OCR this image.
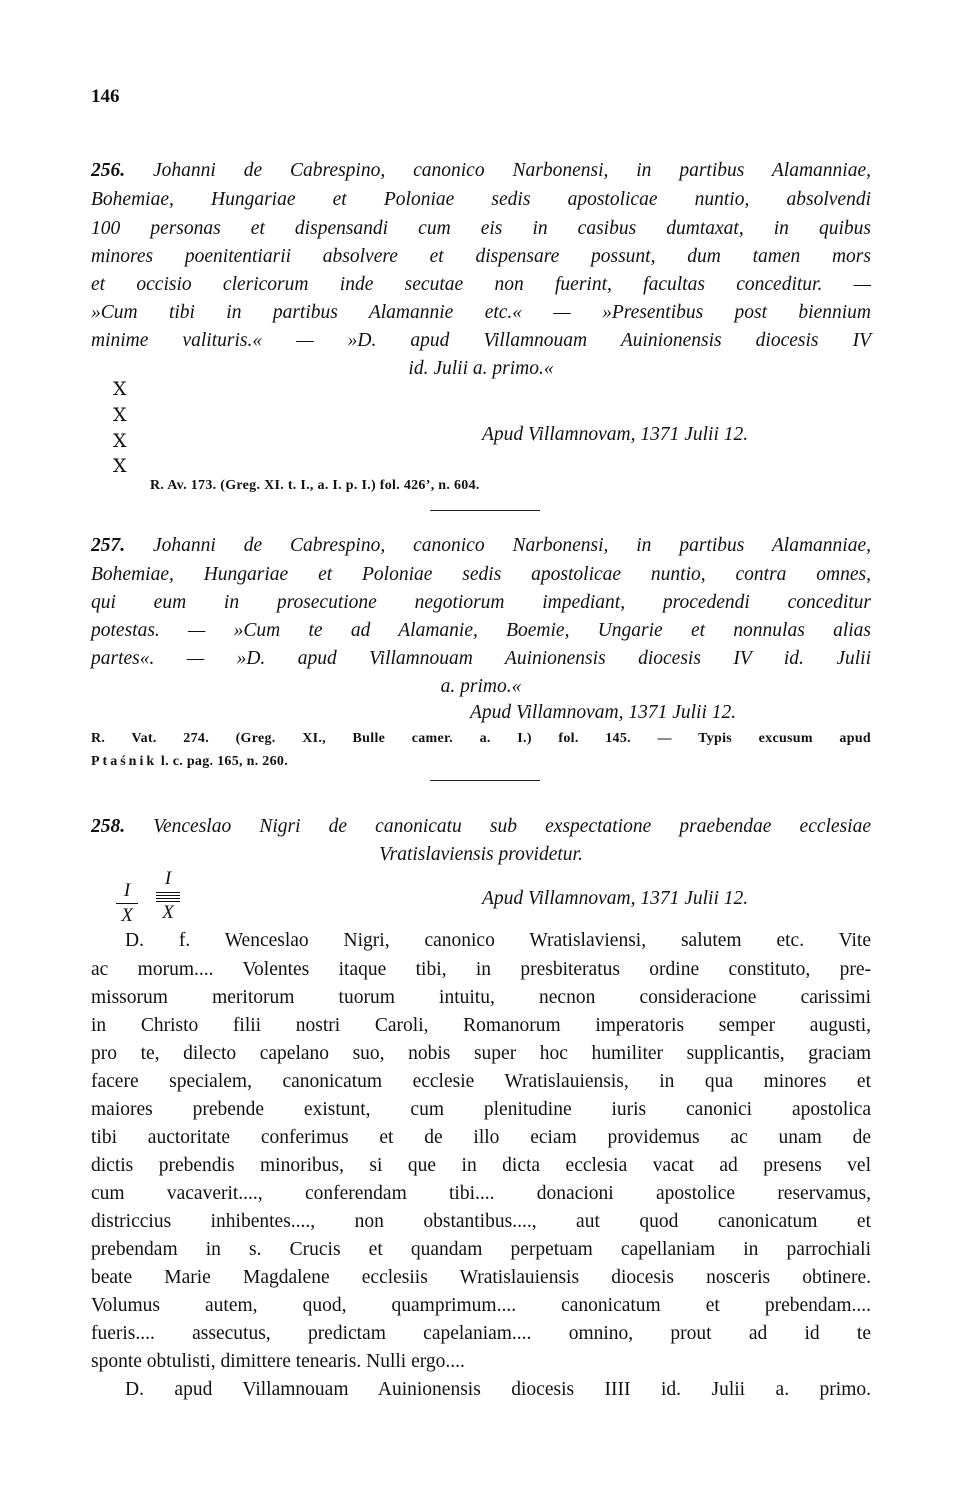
146
256. Johanni de Cabrespino, canonico Narbonensi, in partibus Alamanniae,
Bohemiae, Hungariae et Poloniae sedis apostolicae nuntio, absolvendi
100 personas et dispensandi cum eis in casibus dumtaxat, in quibus
minores poenitentiarii absolvere et dispensare possunt, dum tamen mors
et occisio clericorum inde secutae non fuerint, facultas conceditur. —
»Cum tibi in partibus Alamannie etc.« — »Presentibus post biennium
minime valituris.« — »D. apud Villamnouam Auinionensis diocesis IV
id. Julii a. primo.«
X
X
X
X
Apud Villamnovam, 1371 Julii 12.
R. Av. 173. (Greg. XI. t. I., a. I. p. I.) fol. 426’, n. 604.
257. Johanni de Cabrespino, canonico Narbonensi, in partibus Alamanniae,
Bohemiae, Hungariae et Poloniae sedis apostolicae nuntio, contra omnes,
qui eum in prosecutione negotiorum impediant, procedendi conceditur
potestas. — »Cum te ad Alamanie, Boemie, Ungarie et nonnulas alias
partes«. — »D. apud Villamnouam Auinionensis diocesis IV id. Julii
a. primo.«
Apud Villamnovam, 1371 Julii 12.
R. Vat. 274. (Greg. XI., Bulle camer. a. I.) fol. 145. — Typis excusum apud
Ptaśnik l. c. pag. 165, n. 260.
258. Venceslao Nigri de canonicatu sub exspectatione praebendae ecclesiae
Vratislaviensis providetur.
I
X
I
X
Apud Villamnovam, 1371 Julii 12.
D. f. Wenceslao Nigri, canonico Wratislaviensi, salutem etc. Vite
ac morum.... Volentes itaque tibi, in presbiteratus ordine constituto, pre-
missorum meritorum tuorum intuitu, necnon consideracione carissimi
in Christo filii nostri Caroli, Romanorum imperatoris semper augusti,
pro te, dilecto capelano suo, nobis super hoc humiliter supplicantis, graciam
facere specialem, canonicatum ecclesie Wratislauiensis, in qua minores et
maiores prebende existunt, cum plenitudine iuris canonici apostolica
tibi auctoritate conferimus et de illo eciam providemus ac unam de
dictis prebendis minoribus, si que in dicta ecclesia vacat ad presens vel
cum vacaverit...., conferendam tibi.... donacioni apostolice reservamus,
districcius inhibentes...., non obstantibus...., aut quod canonicatum et
prebendam in s. Crucis et quandam perpetuam capellaniam in parrochiali
beate Marie Magdalene ecclesiis Wratislauiensis diocesis nosceris obtinere.
Volumus autem, quod, quamprimum.... canonicatum et prebendam....
fueris.... assecutus, predictam capelaniam.... omnino, prout ad id te
sponte obtulisti, dimittere tenearis. Nulli ergo....
D. apud Villamnouam Auinionensis diocesis IIII id. Julii a. primo.
